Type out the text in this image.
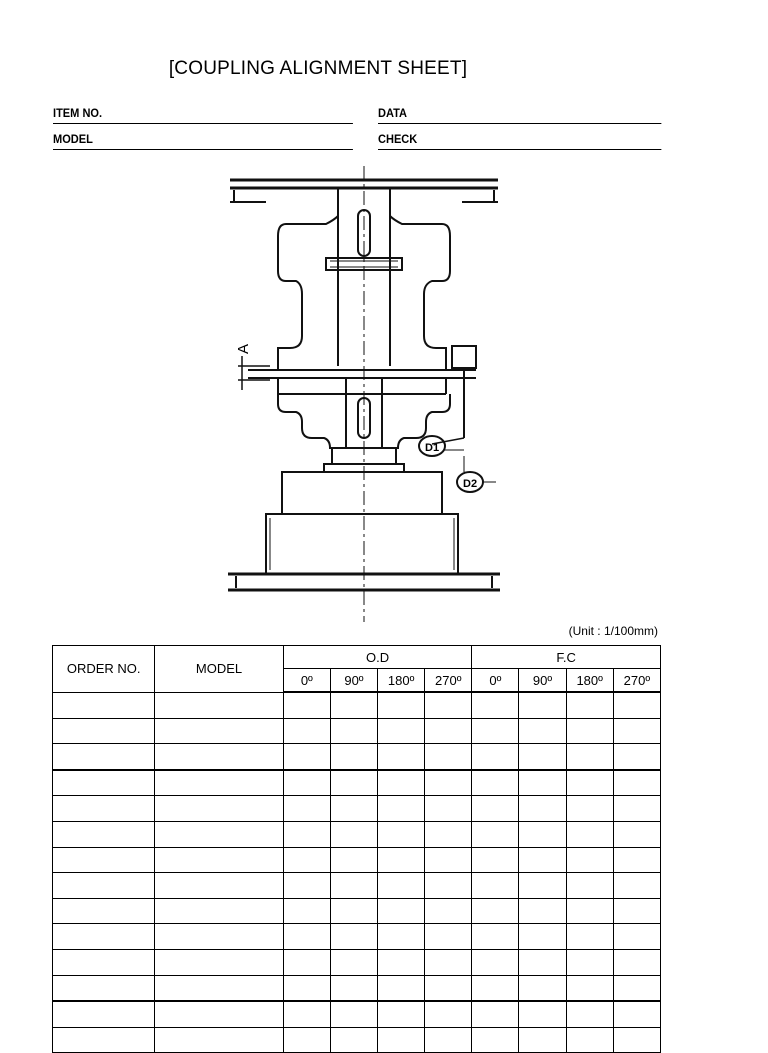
[COUPLING ALIGNMENT SHEET]
ITEM NO.
MODEL
DATA
CHECK
A
D1
D2
(Unit : 1/100mm)
ORDER NO.	MODEL	O.D				F.C			
		0º	90º	180º	270º	0º	90º	180º	270º
